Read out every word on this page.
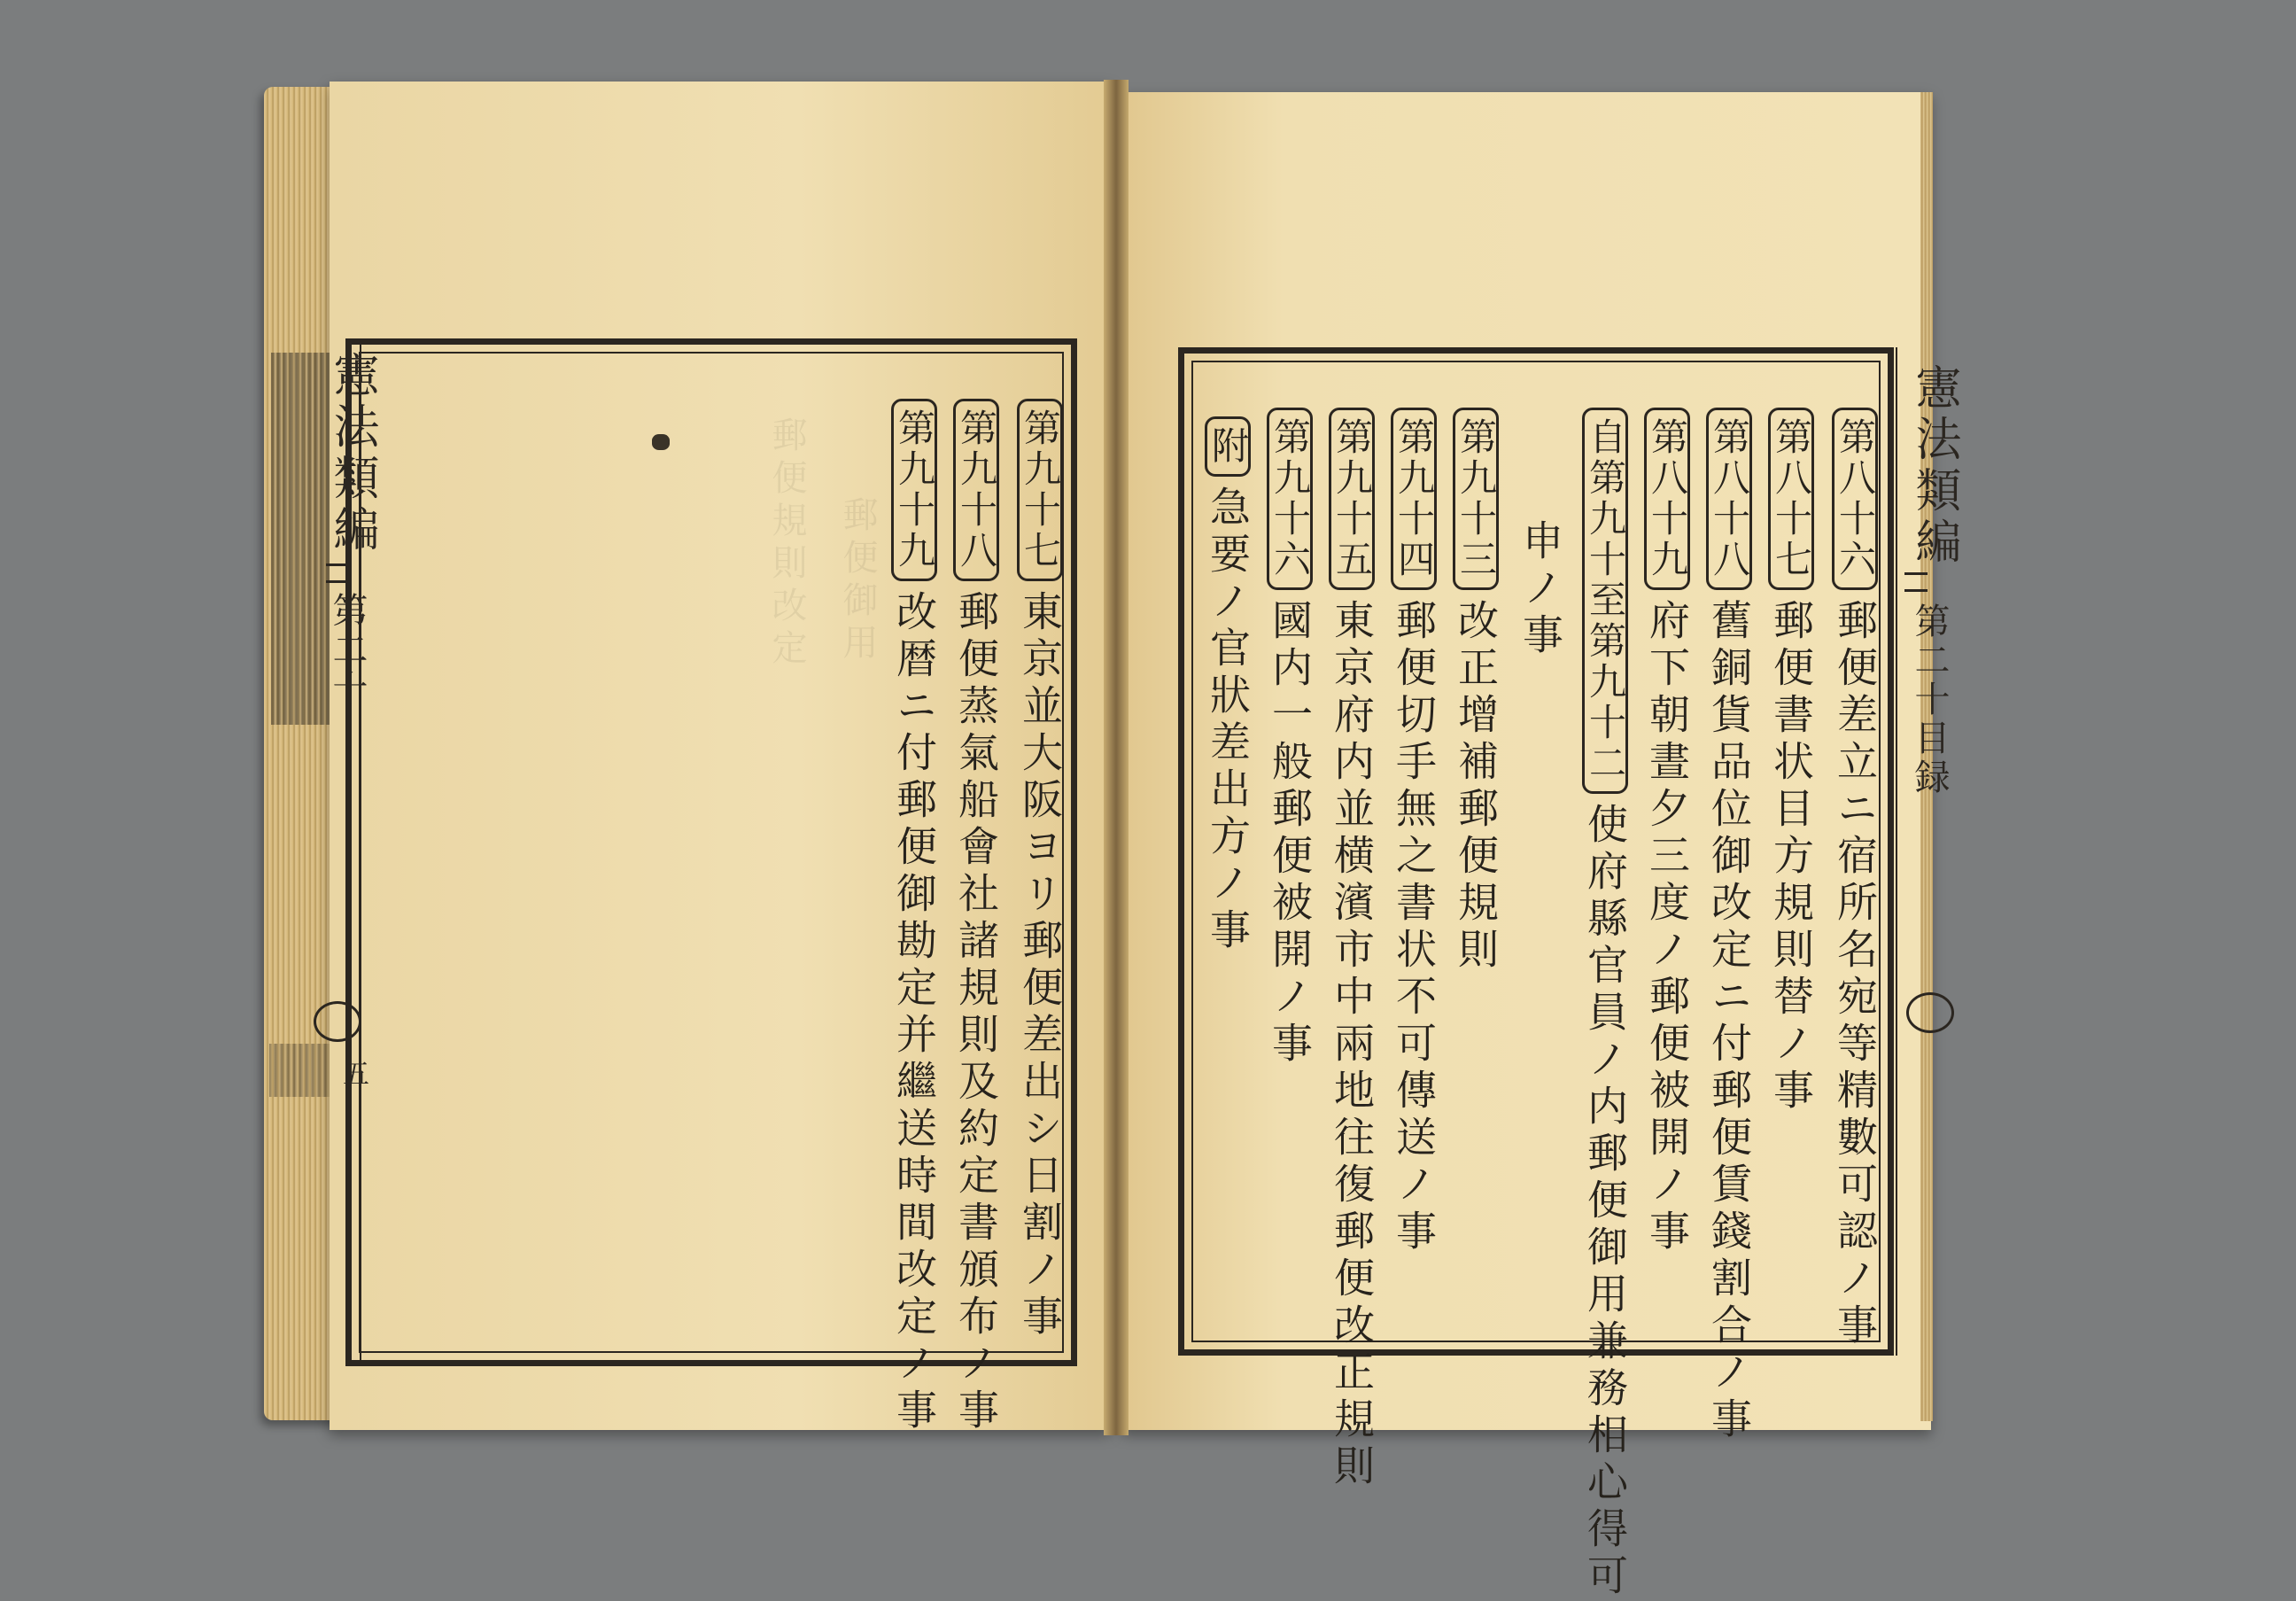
郵便規則改定 郵便御用
憲法類編
第二十
五
第九十七東京並大阪ヨリ郵便差出シ日割ノ事
第九十八郵便蒸氣船會社諸規則及約定書頒布ノ事
第九十九改暦ニ付郵便御勘定并繼送時間改定ノ事
憲法類編
第二十目録
第八十六郵便差立ニ宿所名宛等精數可認ノ事
第八十七郵便書状目方規則替ノ事
第八十八舊銅貨品位御改定ニ付郵便賃錢割合ノ事
第八十九府下朝晝夕三度ノ郵便被開ノ事
自第九十至第九十二使府縣官員ノ内郵便御用兼務相心得可
申ノ事
第九十三改正增補郵便規則
第九十四郵便切手無之書状不可傳送ノ事
第九十五東京府内並横濱市中兩地往復郵便改正規則
第九十六國内一般郵便被開ノ事
附急要ノ官狀差出方ノ事
